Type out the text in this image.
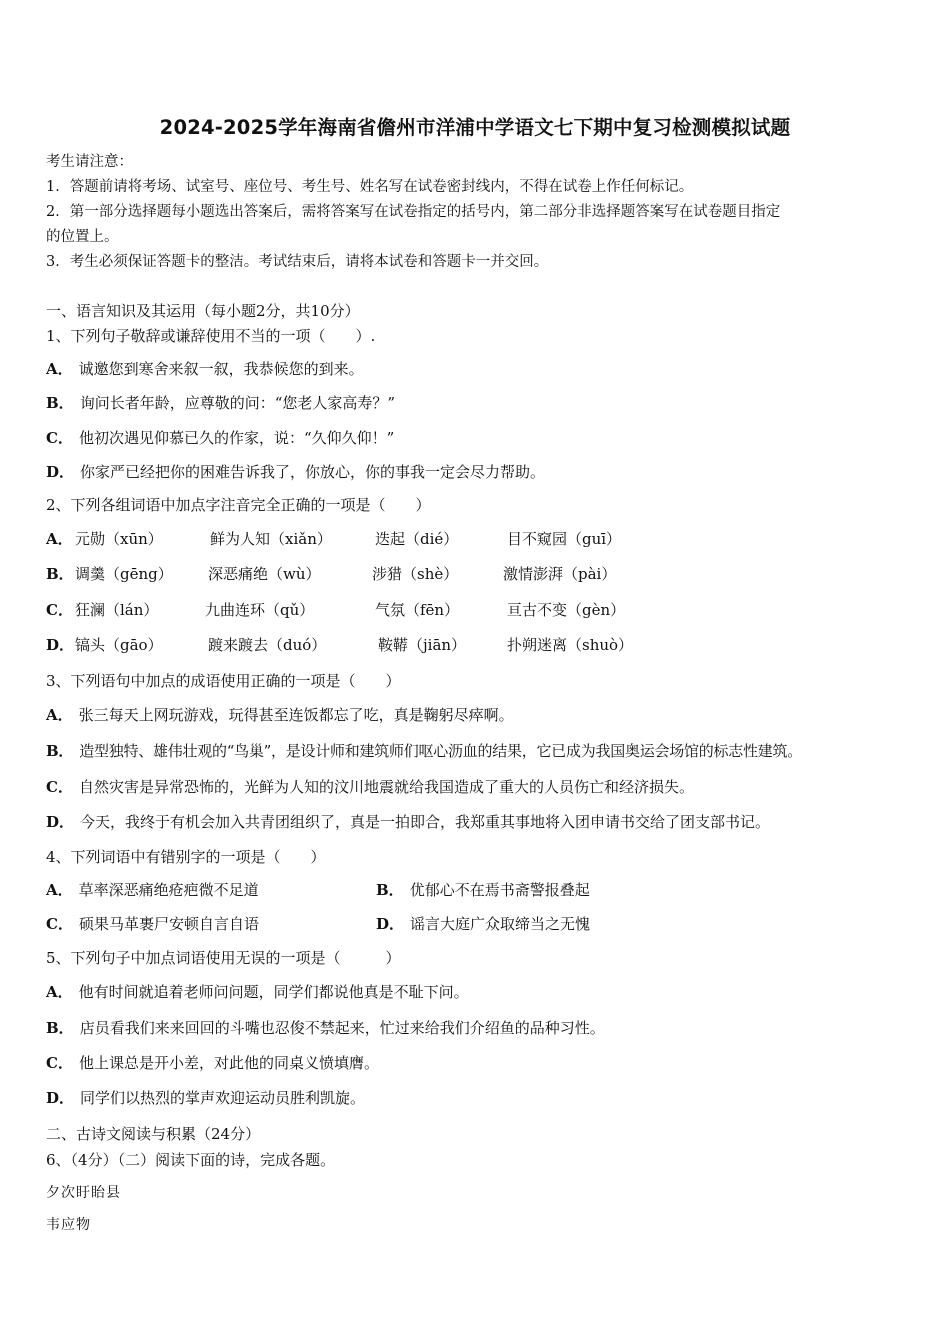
2024-2025学年海南省儋州市洋浦中学语文七下期中复习检测模拟试题
考生请注意：
1．答题前请将考场、试室号、座位号、考生号、姓名写在试卷密封线内，不得在试卷上作任何标记。
2．第一部分选择题每小题选出答案后，需将答案写在试卷指定的括号内，第二部分非选择题答案写在试卷题目指定
的位置上。
3．考生必须保证答题卡的整洁。考试结束后，请将本试卷和答题卡一并交回。
一、语言知识及其运用（每小题2分，共10分）
1、下列句子敬辞或谦辞使用不当的一项（　　）.
A． 诚邀您到寒舍来叙一叙，我恭候您的到来。
B． 询问长者年龄，应尊敬的问：“您老人家高寿？”
C． 他初次遇见仰慕已久的作家，说：“久仰久仰！”
D． 你家严已经把你的困难告诉我了，你放心，你的事我一定会尽力帮助。
2、下列各组词语中加点字注音完全正确的一项是（　　）
A． 元勋（xūn）	鲜为人知（xiǎn）	迭起（dié）	目不窥园（guī）
B． 调羹（gēng） 深恶痛绝（wù）	涉猎（shè）	激情澎湃（pài）
C． 狂澜（lán）	九曲连环（qǔ）	气氛（fēn）	亘古不变（gèn）
D． 镐头（gāo）	踱来踱去（duó）	鞍鞯（jiān）	扑朔迷离（shuò）
3、下列语句中加点的成语使用正确的一项是（　　）
A． 张三每天上网玩游戏，玩得甚至连饭都忘了吃，真是鞠躬尽瘁啊。
B． 造型独特、雄伟壮观的“鸟巢”，是设计师和建筑师们呕心沥血的结果，它已成为我国奥运会场馆的标志性建筑。
C． 自然灾害是异常恐怖的，光鲜为人知的汶川地震就给我国造成了重大的人员伤亡和经济损失。
D． 今天，我终于有机会加入共青团组织了，真是一拍即合，我郑重其事地将入团申请书交给了团支部书记。
4、下列词语中有错别字的一项是（　　）
A． 草率深恶痛绝疮疤微不足道	B． 优郁心不在焉书斋警报叠起
C． 硕果马革裹尸安顿自言自语	D． 谣言大庭广众取缔当之无愧
5、下列句子中加点词语使用无误的一项是（　　　）
A． 他有时间就追着老师问问题，同学们都说他真是不耻下问。
B． 店员看我们来来回回的斗嘴也忍俊不禁起来，忙过来给我们介绍鱼的品种习性。
C． 他上课总是开小差，对此他的同桌义愤填膺。
D． 同学们以热烈的掌声欢迎运动员胜利凯旋。
二、古诗文阅读与积累（24分）
6、（4分）（二）阅读下面的诗，完成各题。
夕次盱眙县
韦应物
